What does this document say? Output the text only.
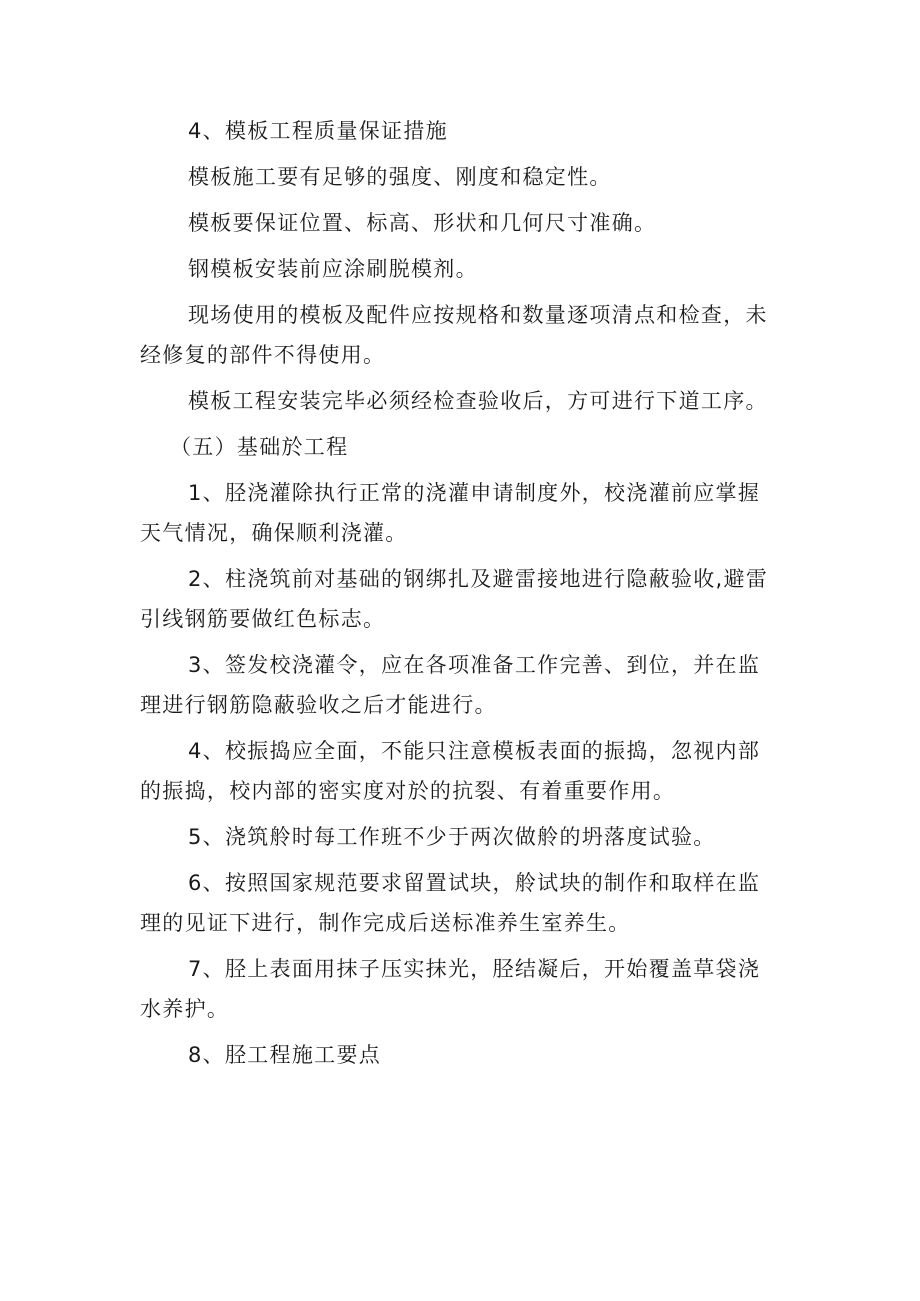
4、模板工程质量保证措施
模板施工要有足够的强度、刚度和稳定性。
模板要保证位置、标高、形状和几何尺寸准确。
钢模板安装前应涂刷脱模剂。
现场使用的模板及配件应按规格和数量逐项清点和检查，未
经修复的部件不得使用。
模板工程安装完毕必须经检查验收后，方可进行下道工序。
（五）基础於工程
1、胫浇灌除执行正常的浇灌申请制度外，校浇灌前应掌握
天气情况，确保顺利浇灌。
2、柱浇筑前对基础的钢绑扎及避雷接地进行隐蔽验收,避雷
引线钢筋要做红色标志。
3、签发校浇灌令，应在各项准备工作完善、到位，并在监
理进行钢筋隐蔽验收之后才能进行。
4、校振捣应全面，不能只注意模板表面的振捣，忽视内部
的振捣，校内部的密实度对於的抗裂、有着重要作用。
5、浇筑舲时每工作班不少于两次做舲的坍落度试验。
6、按照国家规范要求留置试块，舲试块的制作和取样在监
理的见证下进行，制作完成后送标准养生室养生。
7、胫上表面用抹子压实抹光，胫结凝后，开始覆盖草袋浇
水养护。
8、胫工程施工要点
